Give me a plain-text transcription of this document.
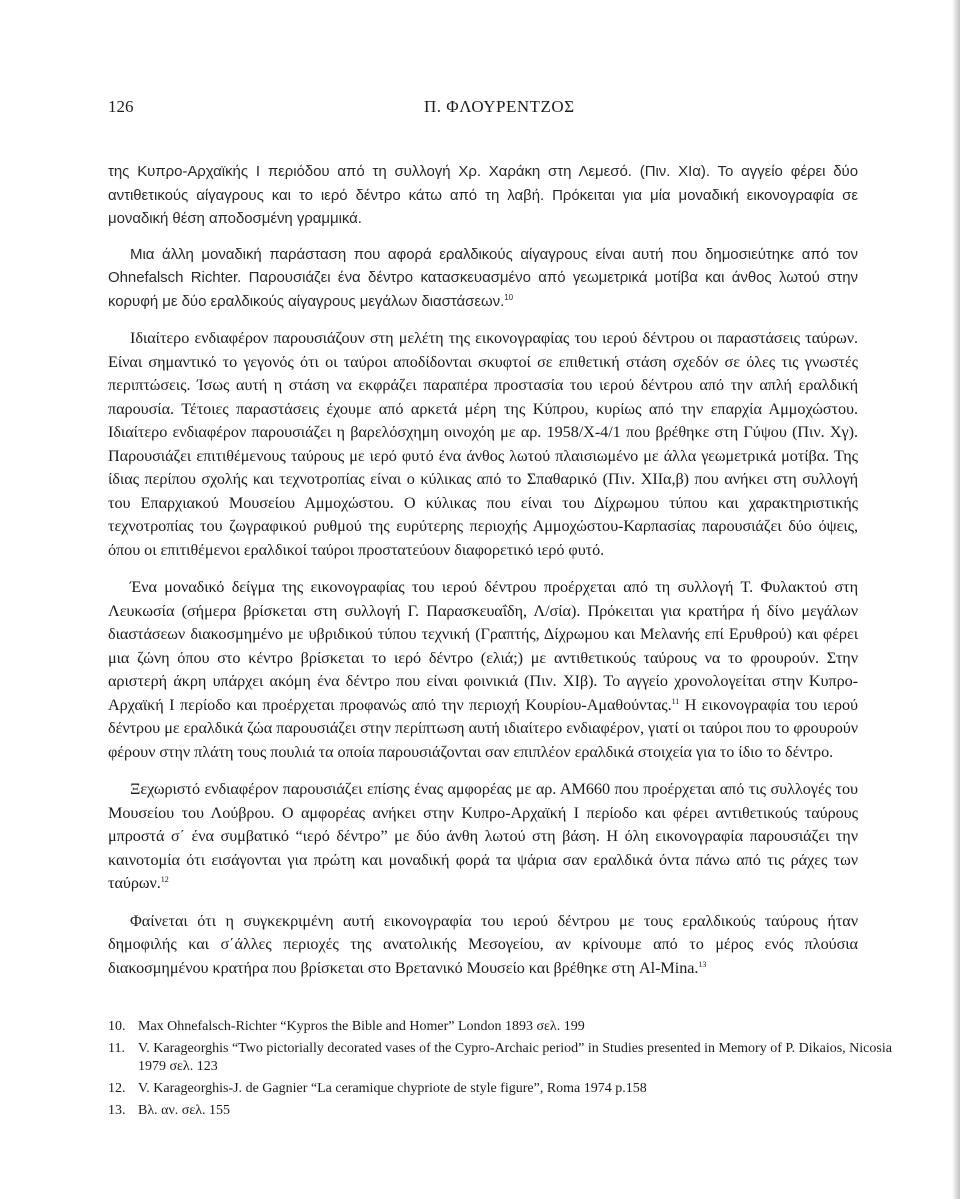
126	Π. ΦΛΟΥΡΕΝΤΖΟΣ

της Κυπρο-Αρχαϊκής Ι περιόδου από τη συλλογή Χρ. Χαράκη στη Λεμεσό. (Πιν. ΧΙα). Το αγγείο φέρει δύο αντιθετικούς αίγαγρους και το ιερό δέντρο κάτω από τη λαβή. Πρόκειται για μία μοναδική εικονογραφία σε μοναδική θέση αποδοσμένη γραμμικά.

Μια άλλη μοναδική παράσταση που αφορά εραλδικούς αίγαγρους είναι αυτή που δημοσιεύτηκε από τον Ohnefalsch Richter. Παρουσιάζει ένα δέντρο κατασκευασμένο από γεωμετρικά μοτίβα και άνθος λωτού στην κορυφή με δύο εραλδικούς αίγαγρους μεγάλων διαστάσεων.$^{10}$

Ιδιαίτερο ενδιαφέρον παρουσιάζουν στη μελέτη της εικονογραφίας του ιερού δέντρου οι παραστάσεις ταύρων. Είναι σημαντικό το γεγονός ότι οι ταύροι αποδίδονται σκυφτοί σε επιθετική στάση σχεδόν σε όλες τις γνωστές περιπτώσεις. Ίσως αυτή η στάση να εκφράζει παραπέρα προστασία του ιερού δέντρου από την απλή εραλδική παρουσία. Τέτοιες παραστάσεις έχουμε από αρκετά μέρη της Κύπρου, κυρίως από την επαρχία Αμμοχώστου. Ιδιαίτερο ενδιαφέρον παρουσιάζει η βαρελόσχημη οινοχόη με αρ. 1958/Χ-4/1 που βρέθηκε στη Γύψου (Πιν. Χγ). Παρουσιάζει επιτιθέμενους ταύρους με ιερό φυτό ένα άνθος λωτού πλαισιωμένο με άλλα γεωμετρικά μοτίβα. Της ίδιας περίπου σχολής και τεχνοτροπίας είναι ο κύλικας από το Σπαθαρικό (Πιν. ΧΙΙα,β) που ανήκει στη συλλογή του Επαρχιακού Μουσείου Αμμοχώστου. Ο κύλικας που είναι του Δίχρωμου τύπου και χαρακτηριστικής τεχνοτροπίας του ζωγραφικού ρυθμού της ευρύτερης περιοχής Αμμοχώστου-Καρπασίας παρουσιάζει δύο όψεις, όπου οι επιτιθέμενοι εραλδικοί ταύροι προστατεύουν διαφορετικό ιερό φυτό.

Ένα μοναδικό δείγμα της εικονογραφίας του ιερού δέντρου προέρχεται από τη συλλογή Τ. Φυλακτού στη Λευκωσία (σήμερα βρίσκεται στη συλλογή Γ. Παρασκευαΐδη, Λ/σία). Πρόκειται για κρατήρα ή δίνο μεγάλων διαστάσεων διακοσμημένο με υβριδικού τύπου τεχνική (Γραπτής, Δίχρωμου και Μελανής επί Ερυθρού) και φέρει μια ζώνη όπου στο κέντρο βρίσκεται το ιερό δέντρο (ελιά;) με αντιθετικούς ταύρους να το φρουρούν. Στην αριστερή άκρη υπάρχει ακόμη ένα δέντρο που είναι φοινικιά (Πιν. ΧΙβ). Το αγγείο χρονολογείται στην Κυπρο-Αρχαϊκή Ι περίοδο και προέρχεται προφανώς από την περιοχή Κουρίου-Αμαθούντας.$^{11}$ Η εικονογραφία του ιερού δέντρου με εραλδικά ζώα παρουσιάζει στην περίπτωση αυτή ιδιαίτερο ενδιαφέρον, γιατί οι ταύροι που το φρουρούν φέρουν στην πλάτη τους πουλιά τα οποία παρουσιάζονται σαν επιπλέον εραλδικά στοιχεία για το ίδιο το δέντρο.

Ξεχωριστό ενδιαφέρον παρουσιάζει επίσης ένας αμφορέας με αρ. ΑΜ660 που προέρχεται από τις συλλογές του Μουσείου του Λούβρου. Ο αμφορέας ανήκει στην Κυπρο-Αρχαϊκή Ι περίοδο και φέρει αντιθετικούς ταύρους μπροστά σ΄ ένα συμβατικό “ιερό δέντρο” με δύο άνθη λωτού στη βάση. Η όλη εικονογραφία παρουσιάζει την καινοτομία ότι εισάγονται για πρώτη και μοναδική φορά τα ψάρια σαν εραλδικά όντα πάνω από τις ράχες των ταύρων.$^{12}$

Φαίνεται ότι η συγκεκριμένη αυτή εικονογραφία του ιερού δέντρου με τους εραλδικούς ταύρους ήταν δημοφιλής και σ΄άλλες περιοχές της ανατολικής Μεσογείου, αν κρίνουμε από το μέρος ενός πλούσια διακοσμημένου κρατήρα που βρίσκεται στο Βρετανικό Μουσείο και βρέθηκε στη Al-Mina.$^{13}$

10. Max Ohnefalsch-Richter “Kypros the Bible and Homer” London 1893 σελ. 199
11. V. Karageorghis “Two pictorially decorated vases of the Cypro-Archaic period” in Studies presented in Memory of P. Dikaios, Nicosia 1979 σελ. 123
12. V. Karageorghis-J. de Gagnier “La ceramique chypriote de style figure”, Roma 1974 p.158
13. Βλ. αν. σελ. 155
